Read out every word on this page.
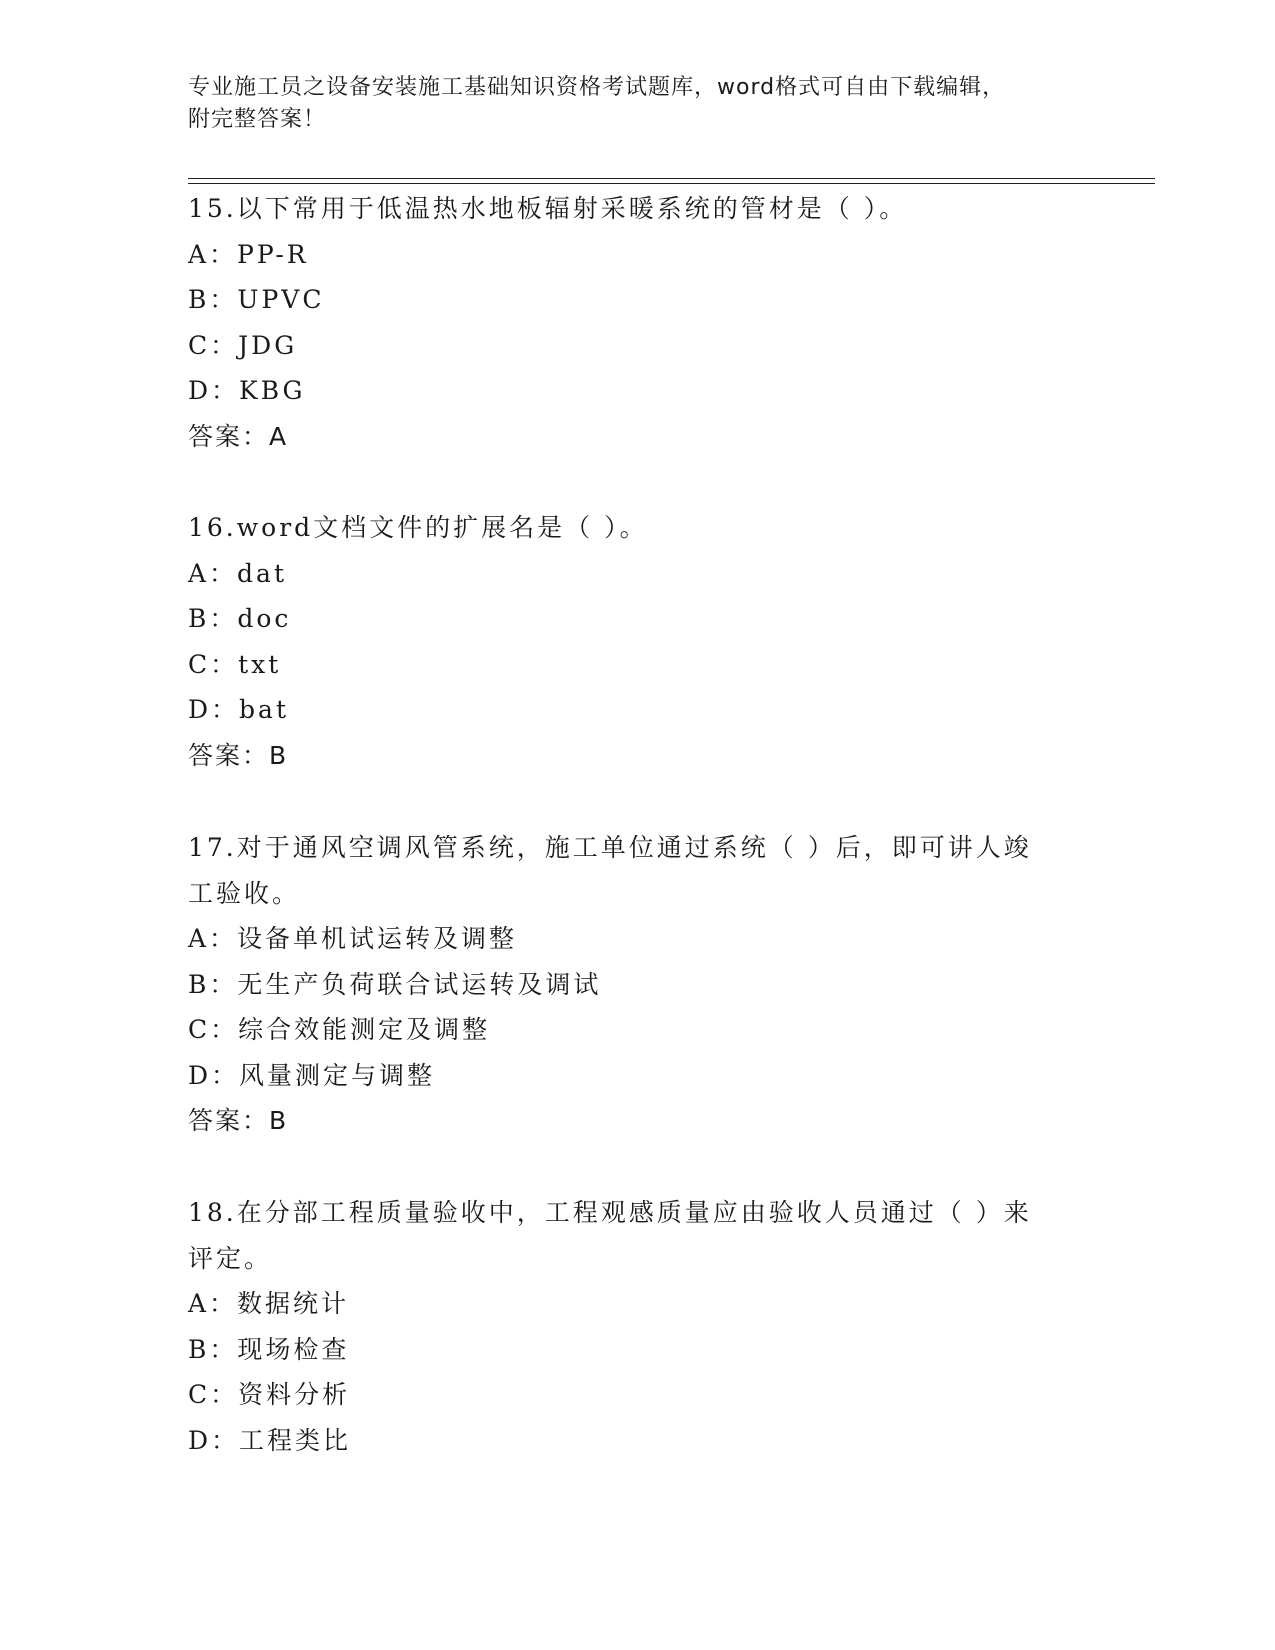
专业施工员之设备安装施工基础知识资格考试题库，word格式可自由下载编辑，
附完整答案！
15.以下常用于低温热水地板辐射采暖系统的管材是（ ）。
A：PP-R
B：UPVC
C：JDG
D：KBG
答案：A
16.word文档文件的扩展名是（ ）。
A：dat
B：doc
C：txt
D：bat
答案：B
17.对于通风空调风管系统，施工单位通过系统（ ）后，即可讲人竣
工验收。
A：设备单机试运转及调整
B：无生产负荷联合试运转及调试
C：综合效能测定及调整
D：风量测定与调整
答案：B
18.在分部工程质量验收中，工程观感质量应由验收人员通过（ ）来
评定。
A：数据统计
B：现场检查
C：资料分析
D：工程类比
